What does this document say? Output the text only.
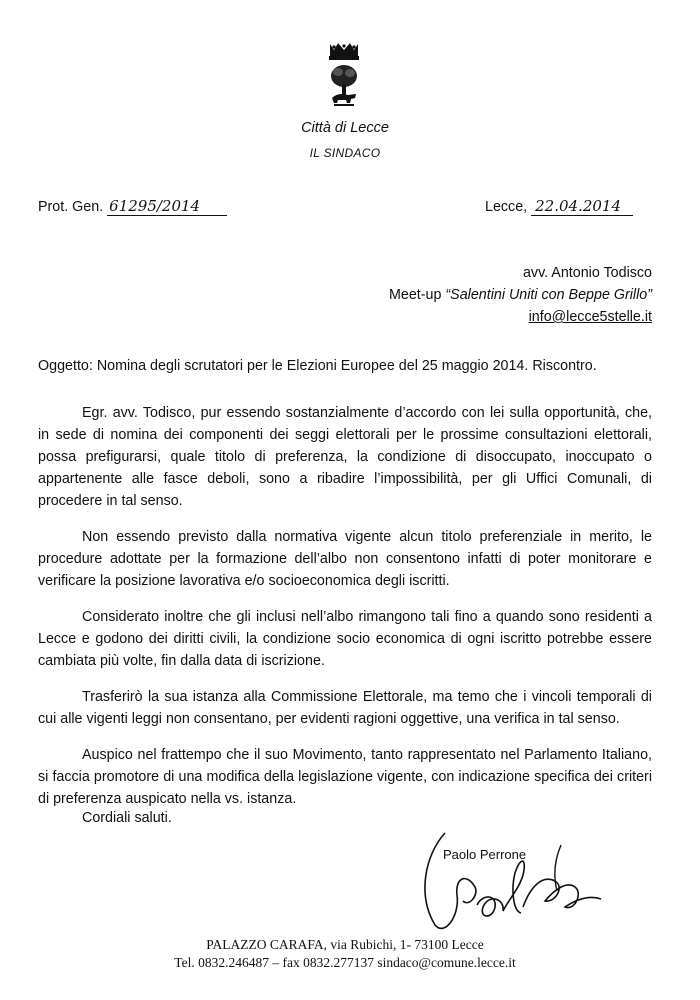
Città di Lecce
IL SINDACO
Prot. Gen. 61295/2014	Lecce, 22.04.2014
avv. Antonio Todisco
Meet-up “Salentini Uniti con Beppe Grillo”
info@lecce5stelle.it
Oggetto: Nomina degli scrutatori per le Elezioni Europee del 25 maggio 2014. Riscontro.

Egr. avv. Todisco, pur essendo sostanzialmente d’accordo con lei sulla opportunità, che, in sede di nomina dei componenti dei seggi elettorali per le prossime consultazioni elettorali, possa prefigurarsi, quale titolo di preferenza, la condizione di disoccupato, inoccupato o appartenente alle fasce deboli, sono a ribadire l’impossibilità, per gli Uffici Comunali, di procedere in tal senso.

Non essendo previsto dalla normativa vigente alcun titolo preferenziale in merito, le procedure adottate per la formazione dell’albo non consentono infatti di poter monitorare e verificare la posizione lavorativa e/o socioeconomica degli iscritti.

Considerato inoltre che gli inclusi nell’albo rimangono tali fino a quando sono residenti a Lecce e godono dei diritti civili, la condizione socio economica di ogni iscritto potrebbe essere cambiata più volte, fin dalla data di iscrizione.

Trasferirò la sua istanza alla Commissione Elettorale, ma temo che i vincoli temporali di cui alle vigenti leggi non consentano, per evidenti ragioni oggettive, una verifica in tal senso.

Auspico nel frattempo che il suo Movimento, tanto rappresentato nel Parlamento Italiano, si faccia promotore di una modifica della legislazione vigente, con indicazione specifica dei criteri di preferenza auspicato nella vs. istanza.

Cordiali saluti.
Paolo Perrone
PALAZZO CARAFA, via Rubichi, 1- 73100 Lecce
Tel. 0832.246487 – fax 0832.277137 sindaco@comune.lecce.it
